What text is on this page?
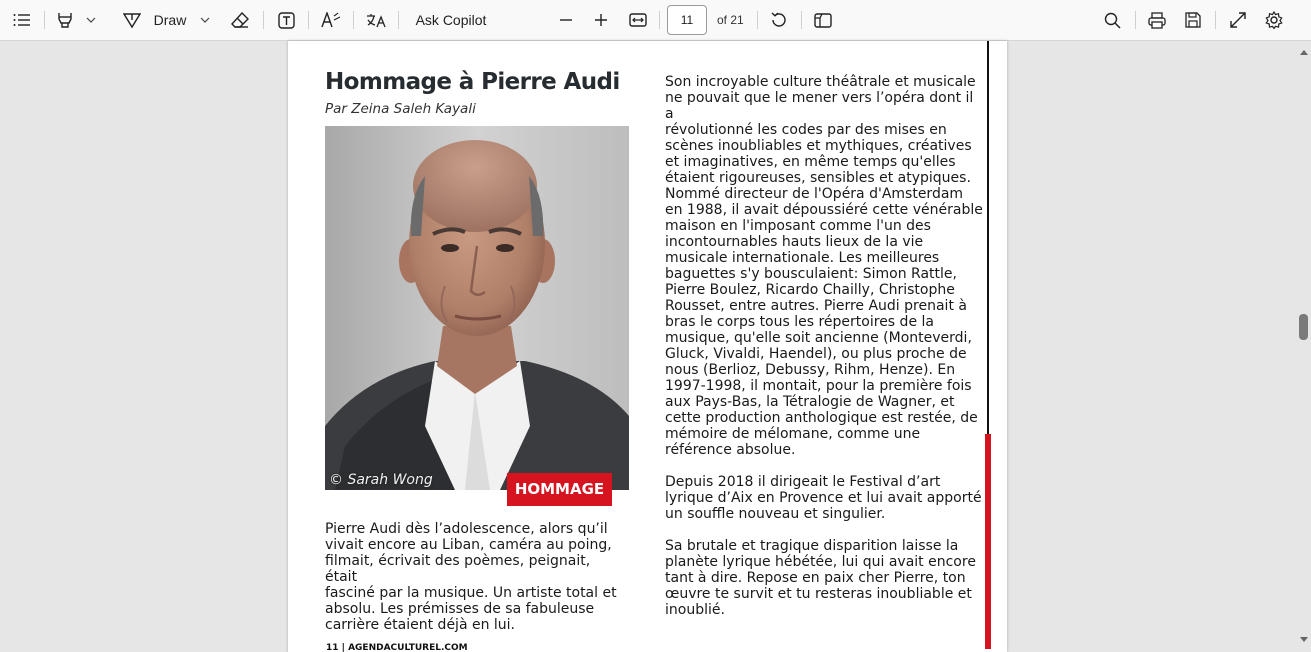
Draw	Ask Copilot	11	of 21
Hommage à Pierre Audi
Par Zeina Saleh Kayali
© Sarah Wong	HOMMAGE
Pierre Audi dès l’adolescence, alors qu’il
vivait encore au Liban, caméra au poing,
filmait, écrivait des poèmes, peignait, était
fasciné par la musique. Un artiste total et
absolu. Les prémisses de sa fabuleuse
carrière étaient déjà en lui.
Son incroyable culture théâtrale et musicale
ne pouvait que le mener vers l’opéra dont il a
révolutionné les codes par des mises en
scènes inoubliables et mythiques, créatives
et imaginatives, en même temps qu'elles
étaient rigoureuses, sensibles et atypiques.
Nommé directeur de l'Opéra d'Amsterdam
en 1988, il avait dépoussiéré cette vénérable
maison en l'imposant comme l'un des
incontournables hauts lieux de la vie
musicale internationale. Les meilleures
baguettes s'y bousculaient: Simon Rattle,
Pierre Boulez, Ricardo Chailly, Christophe
Rousset, entre autres. Pierre Audi prenait à
bras le corps tous les répertoires de la
musique, qu'elle soit ancienne (Monteverdi,
Gluck, Vivaldi, Haendel), ou plus proche de
nous (Berlioz, Debussy, Rihm, Henze). En
1997-1998, il montait, pour la première fois
aux Pays-Bas, la Tétralogie de Wagner, et
cette production anthologique est restée, de
mémoire de mélomane, comme une
référence absolue.
Depuis 2018 il dirigeait le Festival d’art
lyrique d’Aix en Provence et lui avait apporté
un souffle nouveau et singulier.
Sa brutale et tragique disparition laisse la
planète lyrique hébétée, lui qui avait encore
tant à dire. Repose en paix cher Pierre, ton
œuvre te survit et tu resteras inoubliable et
inoublié.
11 | AGENDACULTUREL.COM
